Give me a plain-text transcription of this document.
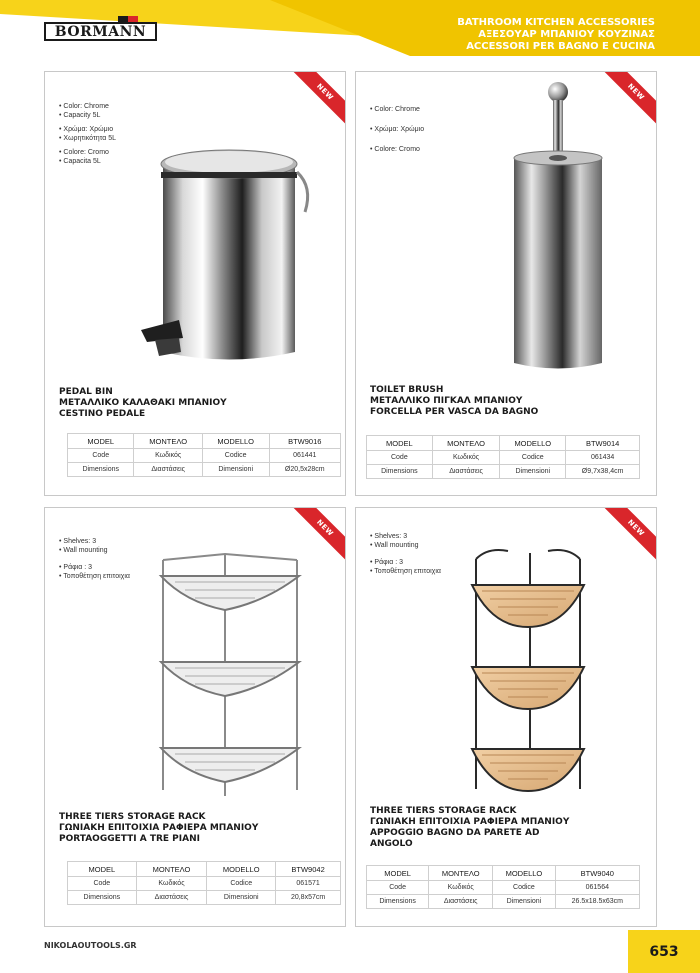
BORMANN
BATHROOM KITCHEN ACCESSORIES
ΑΞΕΣΟΥΑΡ ΜΠΑΝΙΟΥ ΚΟΥΖΙΝΑΣ
ACCESSORI PER BAGNO E CUCINA
NEW
• Color: Chrome
• Capacity 5L
• Χρώμα: Χρώμιο
• Χωρητικότητα 5L
• Colore: Cromo
• Capacita 5L
PEDAL BIN
ΜΕΤΑΛΛΙΚΟ ΚΑΛΑΘΑΚΙ ΜΠΑΝΙΟΥ
CESTINO PEDALE
MODEL	ΜΟΝΤΕΛΟ	MODELLO	BTW9016
Code	Κωδικός	Codice	061441
Dimensions	Διαστάσεις	Dimensioni	Ø20,5x28cm
NEW
• Color: Chrome
• Χρώμα: Χρώμιο
• Colore: Cromo
TOILET BRUSH
ΜΕΤΑΛΛΙΚΟ ΠΙΓΚΑΛ ΜΠΑΝΙΟΥ
FORCELLA PER VASCA DA BAGNO
MODEL	ΜΟΝΤΕΛΟ	MODELLO	BTW9014
Code	Κωδικός	Codice	061434
Dimensions	Διαστάσεις	Dimensioni	Ø9,7x38,4cm
NEW
• Shelves: 3
• Wall mounting
• Ράφια : 3
• Τοποθέτηση επιτοιχια
THREE TIERS STORAGE RACK
ΓΩΝΙΑΚΗ ΕΠΙΤΟΙΧΙΑ ΡΑΦΙΕΡΑ ΜΠΑΝΙΟΥ
PORTAOGGETTI A TRE PIANI
MODEL	ΜΟΝΤΕΛΟ	MODELLO	BTW9042
Code	Κωδικός	Codice	061571
Dimensions	Διαστάσεις	Dimensioni	20,8x57cm
NEW
• Shelves: 3
• Wall mounting
• Ράφια : 3
• Τοποθέτηση επιτοιχια
THREE TIERS STORAGE RACK
ΓΩΝΙΑΚΗ ΕΠΙΤΟΙΧΙΑ ΡΑΦΙΕΡΑ ΜΠΑΝΙΟΥ
APPOGGIO BAGNO DA PARETE AD
ANGOLO
MODEL	ΜΟΝΤΕΛΟ	MODELLO	BTW9040
Code	Κωδικός	Codice	061564
Dimensions	Διαστάσεις	Dimensioni	26.5x18.5x63cm
NIKOLAOUTOOLS.GR	653
